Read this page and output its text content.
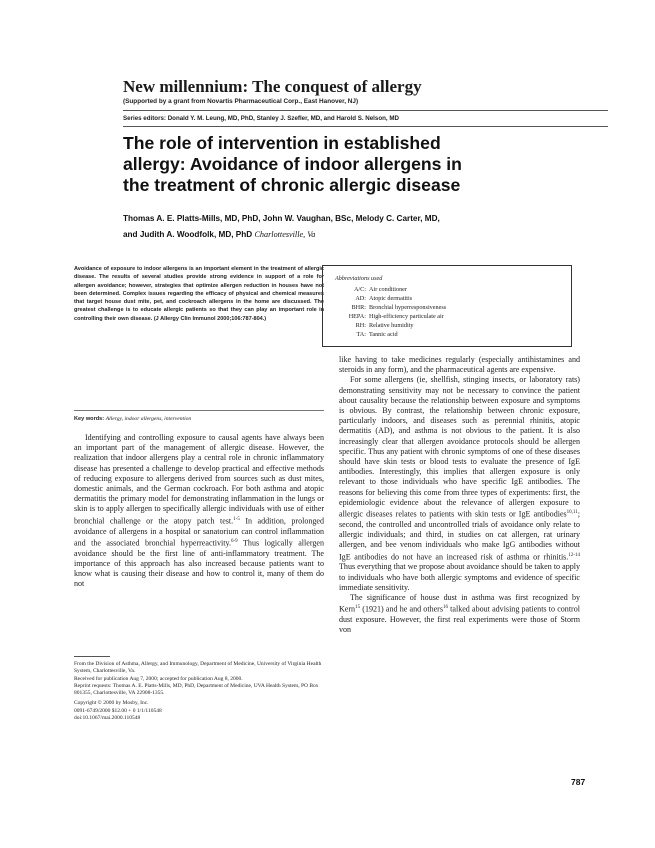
New millennium: The conquest of allergy
(Supported by a grant from Novartis Pharmaceutical Corp., East Hanover, NJ)
Series editors: Donald Y. M. Leung, MD, PhD, Stanley J. Szefler, MD, and Harold S. Nelson, MD
The role of intervention in established
allergy: Avoidance of indoor allergens in
the treatment of chronic allergic disease
Thomas A. E. Platts-Mills, MD, PhD, John W. Vaughan, BSc, Melody C. Carter, MD,
and Judith A. Woodfolk, MD, PhD Charlottesville, Va
Avoidance of exposure to indoor allergens is an important element in the treatment of allergic disease. The results of several studies provide strong evidence in support of a role for allergen avoidance; however, strategies that optimize allergen reduction in houses have not been determined. Complex issues regarding the efficacy of physical and chemical measures that target house dust mite, pet, and cockroach allergens in the home are discussed. The greatest challenge is to educate allergic patients so that they can play an important role in controlling their own disease. (J Allergy Clin Immunol 2000;106:787-804.)
Abbreviations used
A/C: Air conditioner
AD: Atopic dermatitis
BHR: Bronchial hyperresponsiveness
HEPA: High-efficiency particulate air
RH: Relative humidity
TA: Tannic acid
Key words: Allergy, indoor allergens, intervention

Identifying and controlling exposure to causal agents have always been an important part of the management of allergic disease. However, the realization that indoor allergens play a central role in chronic inflammatory disease has presented a challenge to develop practical and effective methods of reducing exposure to allergens derived from sources such as dust mites, domestic animals, and the German cockroach. For both asthma and atopic dermatitis the primary model for demonstrating inflammation in the lungs or skin is to apply allergen to specifically allergic individuals with use of either bronchial challenge or the atopy patch test.$^{1-5}$ In addition, prolonged avoidance of allergens in a hospital or sanatorium can control inflammation and the associated bronchial hyperreactivity.$^{6-9}$ Thus logically allergen avoidance should be the first line of anti-inflammatory treatment. The importance of this approach has also increased because patients want to know what is causing their disease and how to control it, many of them do not

like having to take medicines regularly (especially antihistamines and steroids in any form), and the pharmaceutical agents are expensive.

For some allergens (ie, shellfish, stinging insects, or laboratory rats) demonstrating sensitivity may not be necessary to convince the patient about causality because the relationship between exposure and symptoms is obvious. By contrast, the relationship between chronic exposure, particularly indoors, and diseases such as perennial rhinitis, atopic dermatitis (AD), and asthma is not obvious to the patient. It is also increasingly clear that allergen avoidance protocols should be allergen specific. Thus any patient with chronic symptoms of one of these diseases should have skin tests or blood tests to evaluate the presence of IgE antibodies. Interestingly, this implies that allergen exposure is only relevant to those individuals who have specific IgE antibodies. The reasons for believing this come from three types of experiments: first, the epidemiologic evidence about the relevance of allergen exposure to allergic diseases relates to patients with skin tests or IgE antibodies$^{10,11}$; second, the controlled and uncontrolled trials of avoidance only relate to allergic individuals; and third, in studies on cat allergen, rat urinary allergen, and bee venom individuals who make IgG antibodies without IgE antibodies do not have an increased risk of asthma or rhinitis.$^{12-14}$ Thus everything that we propose about avoidance should be taken to apply to individuals who have both allergic symptoms and evidence of specific immediate sensitivity.

The significance of house dust in asthma was first recognized by Kern$^{15}$ (1921) and he and others$^{16}$ talked about advising patients to control dust exposure. However, the first real experiments were those of Storm von

From the Division of Asthma, Allergy, and Immunology, Department of Medicine, University of Virginia Health System, Charlottesville, Va.

Received for publication Aug 7, 2000; accepted for publication Aug 8, 2000.

Reprint requests: Thomas A. E. Platts-Mills, MD, PhD, Department of Medicine, UVA Health System, PO Box 801355, Charlottesville, VA 22908-1355.

Copyright © 2000 by Mosby, Inc.

0091-6749/2000 $12.00 + 0 1/1/110548

doi:10.1067/mai.2000.110548

787
